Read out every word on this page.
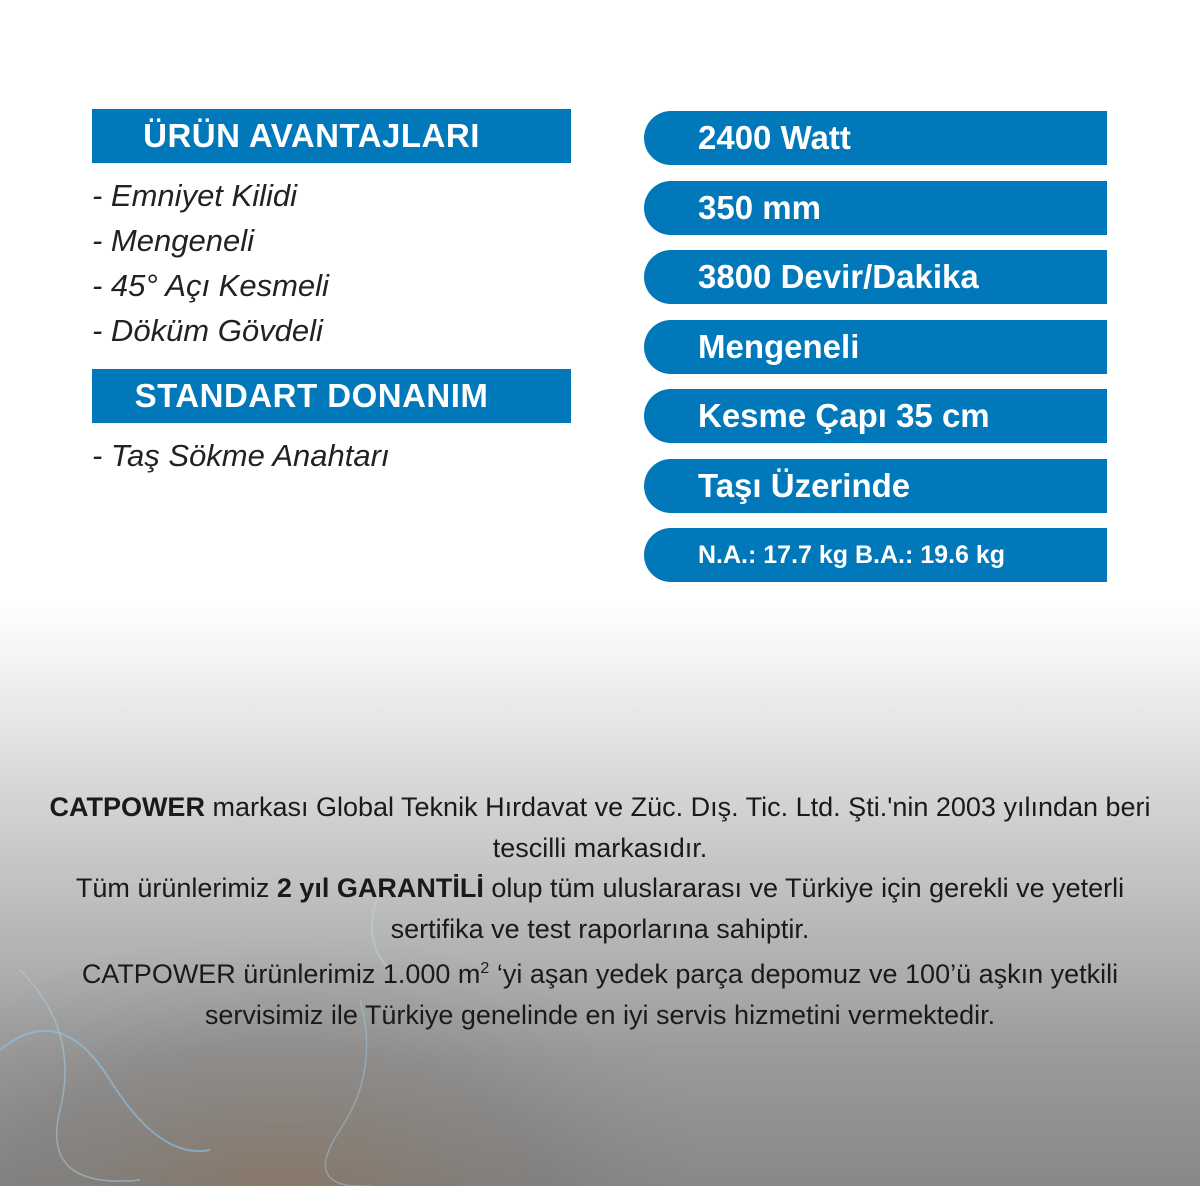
ÜRÜN AVANTAJLARI
- Emniyet Kilidi
- Mengeneli
- 45° Açı Kesmeli
- Döküm Gövdeli
STANDART DONANIM
- Taş Sökme Anahtarı
2400 Watt
350 mm
3800 Devir/Dakika
Mengeneli
Kesme Çapı 35 cm
Taşı Üzerinde
N.A.: 17.7 kg B.A.: 19.6 kg

CATPOWER markası Global Teknik Hırdavat ve Züc. Dış. Tic. Ltd. Şti.'nin 2003 yılından beri tescilli markasıdır.

Tüm ürünlerimiz 2 yıl GARANTİLİ olup tüm uluslararası ve Türkiye için gerekli ve yeterli sertifika ve test raporlarına sahiptir.

CATPOWER ürünlerimiz 1.000 $m^2$ ‘yi aşan yedek parça depomuz ve 100’ü aşkın yetkili servisimiz ile Türkiye genelinde en iyi servis hizmetini vermektedir.
